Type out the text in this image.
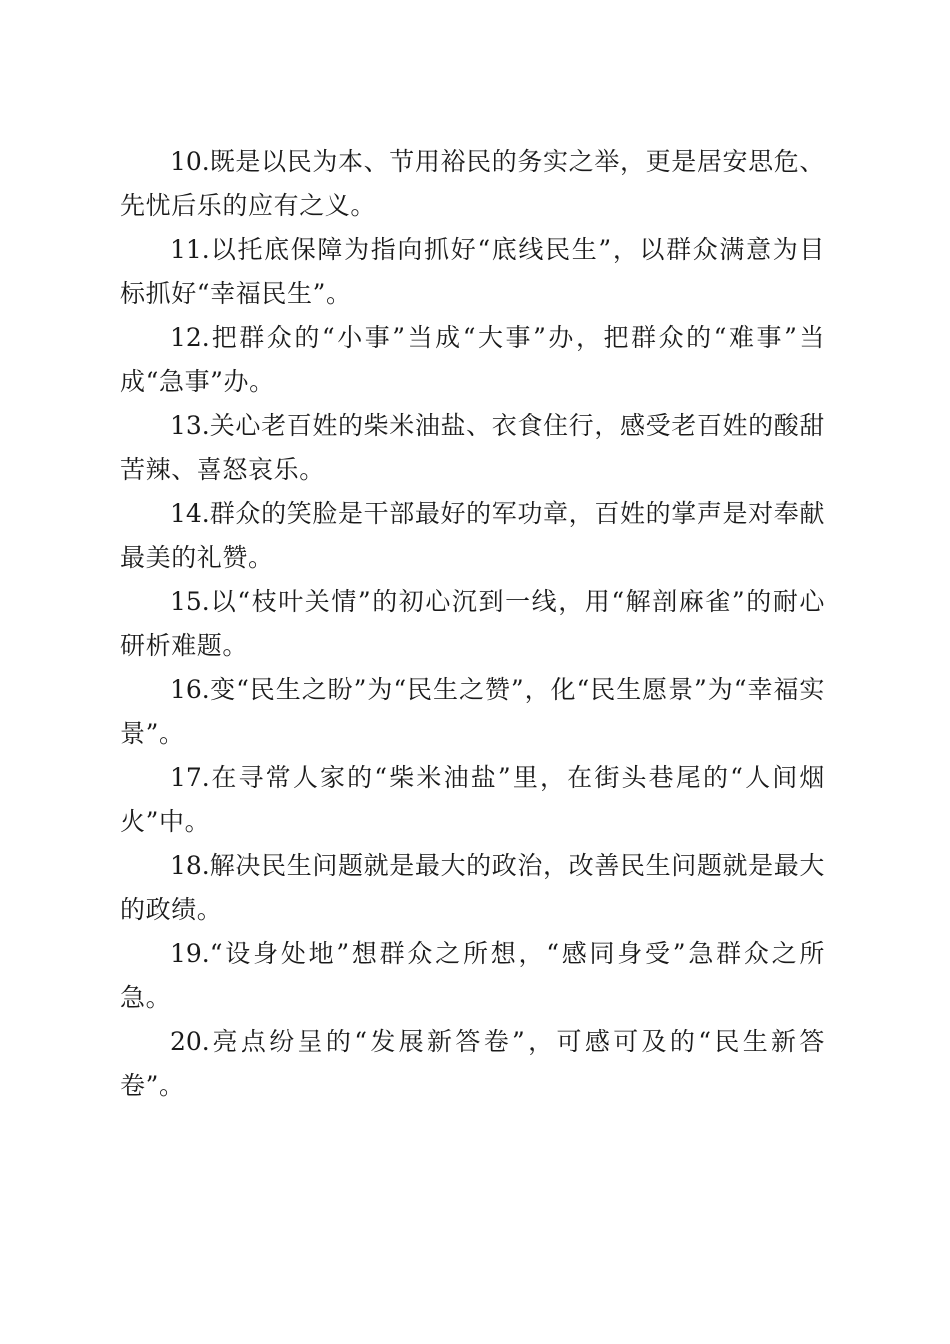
10.既是以民为本、节用裕民的务实之举，更是居安思危、先忧后乐的应有之义。

11.以托底保障为指向抓好“底线民生”，以群众满意为目标抓好“幸福民生”。

12.把群众的“小事”当成“大事”办，把群众的“难事”当成“急事”办。

13.关心老百姓的柴米油盐、衣食住行，感受老百姓的酸甜苦辣、喜怒哀乐。

14.群众的笑脸是干部最好的军功章，百姓的掌声是对奉献最美的礼赞。

15.以“枝叶关情”的初心沉到一线，用“解剖麻雀”的耐心研析难题。

16.变“民生之盼”为“民生之赞”，化“民生愿景”为“幸福实景”。

17.在寻常人家的“柴米油盐”里，在街头巷尾的“人间烟火”中。

18.解决民生问题就是最大的政治，改善民生问题就是最大的政绩。

19.“设身处地”想群众之所想，“感同身受”急群众之所急。

20.亮点纷呈的“发展新答卷”，可感可及的“民生新答卷”。
